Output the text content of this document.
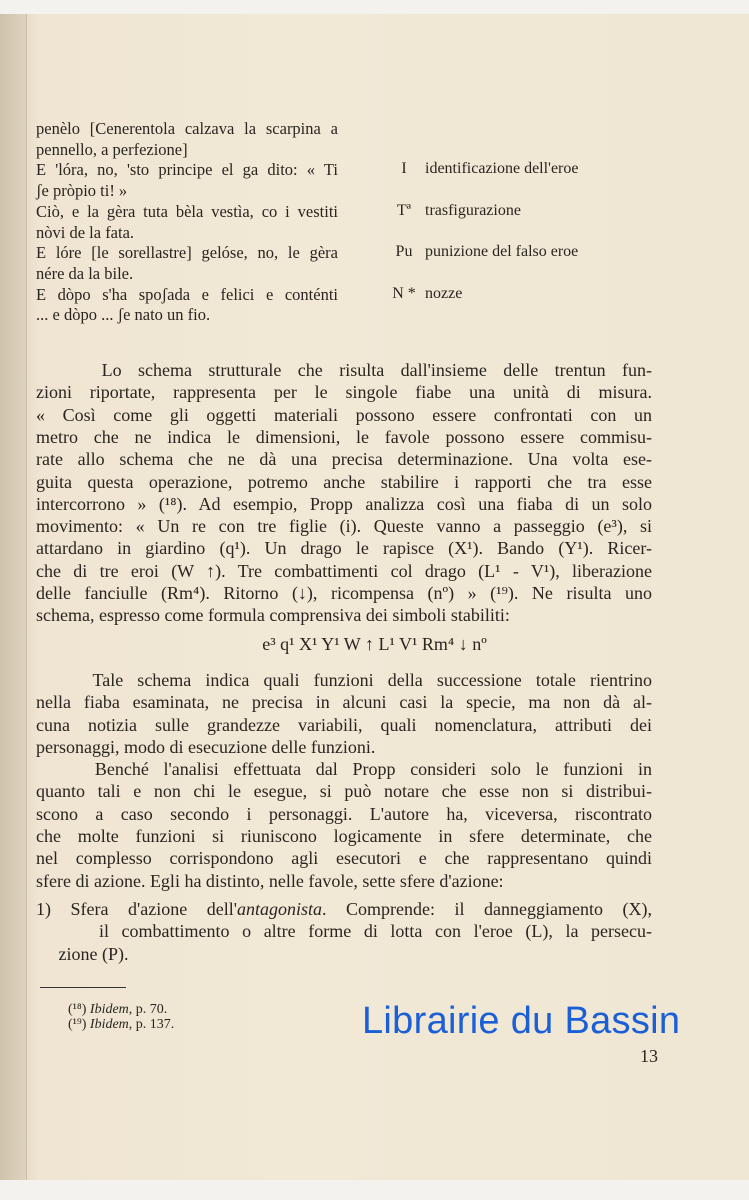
penèlo [Cenerentola calzava la scarpina a
pennello, a perfezione]
E 'lóra, no, 'sto principe el ga dito: « Ti
ʃe pròpio ti! »
Ciò, e la gèra tuta bèla vestìa, co i vestiti
nòvi de la fata.
E lóre [le sorellastre] gelóse, no, le gèra
nére da la bile.
E dòpo s'ha spoʃada e felici e conténti
... e dòpo ... ʃe nato un fio.
I	identificazione dell'eroe
Tª trasfigurazione
Pu punizione del falso eroe
N * nozze
Lo schema strutturale che risulta dall'insieme delle trentun fun-
zioni riportate, rappresenta per le singole fiabe una unità di misura.
« Così come gli oggetti materiali possono essere confrontati con un
metro che ne indica le dimensioni, le favole possono essere commisu-
rate allo schema che ne dà una precisa determinazione. Una volta ese-
guita questa operazione, potremo anche stabilire i rapporti che tra esse
intercorrono » (¹⁸). Ad esempio, Propp analizza così una fiaba di un solo
movimento: « Un re con tre figlie (i). Queste vanno a passeggio (e³), si
attardano in giardino (q¹). Un drago le rapisce (X¹). Bando (Y¹). Ricer-
che di tre eroi (W ↑). Tre combattimenti col drago (L¹ - V¹), liberazione
delle fanciulle (Rm⁴). Ritorno (↓), ricompensa (nº) » (¹⁹). Ne risulta uno
schema, espresso come formula comprensiva dei simboli stabiliti:
Tale schema indica quali funzioni della successione totale rientrino
nella fiaba esaminata, ne precisa in alcuni casi la specie, ma non dà al-
cuna notizia sulle grandezze variabili, quali nomenclatura, attributi dei
personaggi, modo di esecuzione delle funzioni.
Benché l'analisi effettuata dal Propp consideri solo le funzioni in
quanto tali e non chi le esegue, si può notare che esse non si distribui-
scono a caso secondo i personaggi. L'autore ha, viceversa, riscontrato
che molte funzioni si riuniscono logicamente in sfere determinate, che
nel complesso corrispondono agli esecutori e che rappresentano quindi
sfere di azione. Egli ha distinto, nelle favole, sette sfere d'azione:
1) Sfera d'azione dell'antagonista. Comprende: il danneggiamento (X),
il combattimento o altre forme di lotta con l'eroe (L), la persecu-
zione (P).
(¹⁸) Ibidem, p. 70.
(¹⁹) Ibidem, p. 137.
e³ q¹ X¹ Y¹ W ↑ L¹ V¹ Rm⁴ ↓ nº
Librairie du Bassin
13
